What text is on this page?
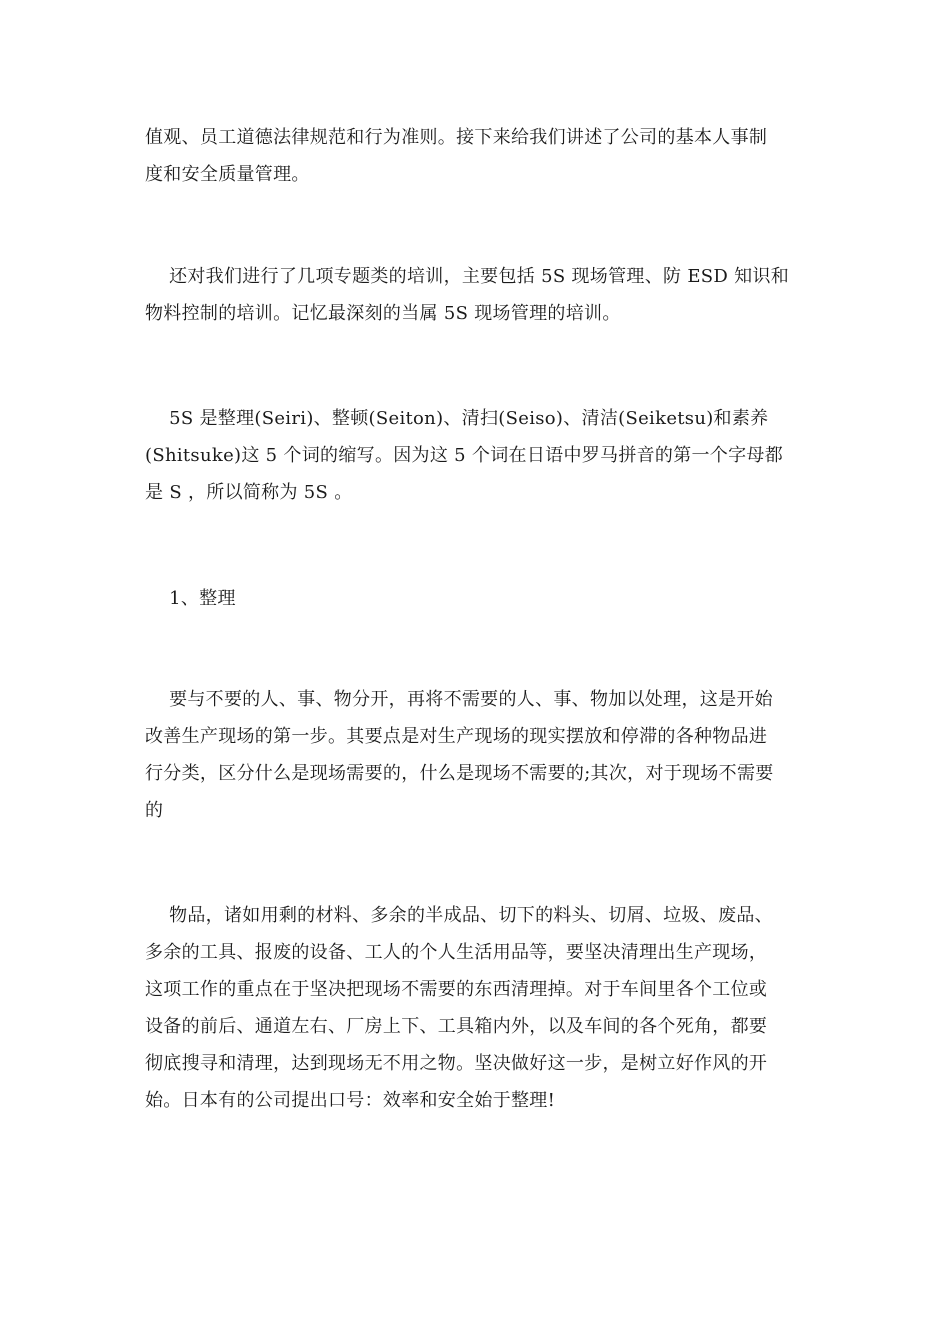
值观、员工道德法律规范和行为准则。接下来给我们讲述了公司的基本人事制
度和安全质量管理。

还对我们进行了几项专题类的培训，主要包括 5S 现场管理、防 ESD 知识和
物料控制的培训。记忆最深刻的当属 5S 现场管理的培训。

5S 是整理(Seiri)、整顿(Seiton)、清扫(Seiso)、清洁(Seiketsu)和素养
(Shitsuke)这 5 个词的缩写。因为这 5 个词在日语中罗马拼音的第一个字母都
是 S ，所以简称为 5S 。

1、整理

要与不要的人、事、物分开，再将不需要的人、事、物加以处理，这是开始
改善生产现场的第一步。其要点是对生产现场的现实摆放和停滞的各种物品进
行分类，区分什么是现场需要的，什么是现场不需要的;其次，对于现场不需要
的

物品，诸如用剩的材料、多余的半成品、切下的料头、切屑、垃圾、废品、
多余的工具、报废的设备、工人的个人生活用品等，要坚决清理出生产现场，
这项工作的重点在于坚决把现场不需要的东西清理掉。对于车间里各个工位或
设备的前后、通道左右、厂房上下、工具箱内外，以及车间的各个死角，都要
彻底搜寻和清理，达到现场无不用之物。坚决做好这一步，是树立好作风的开
始。日本有的公司提出口号：效率和安全始于整理!
